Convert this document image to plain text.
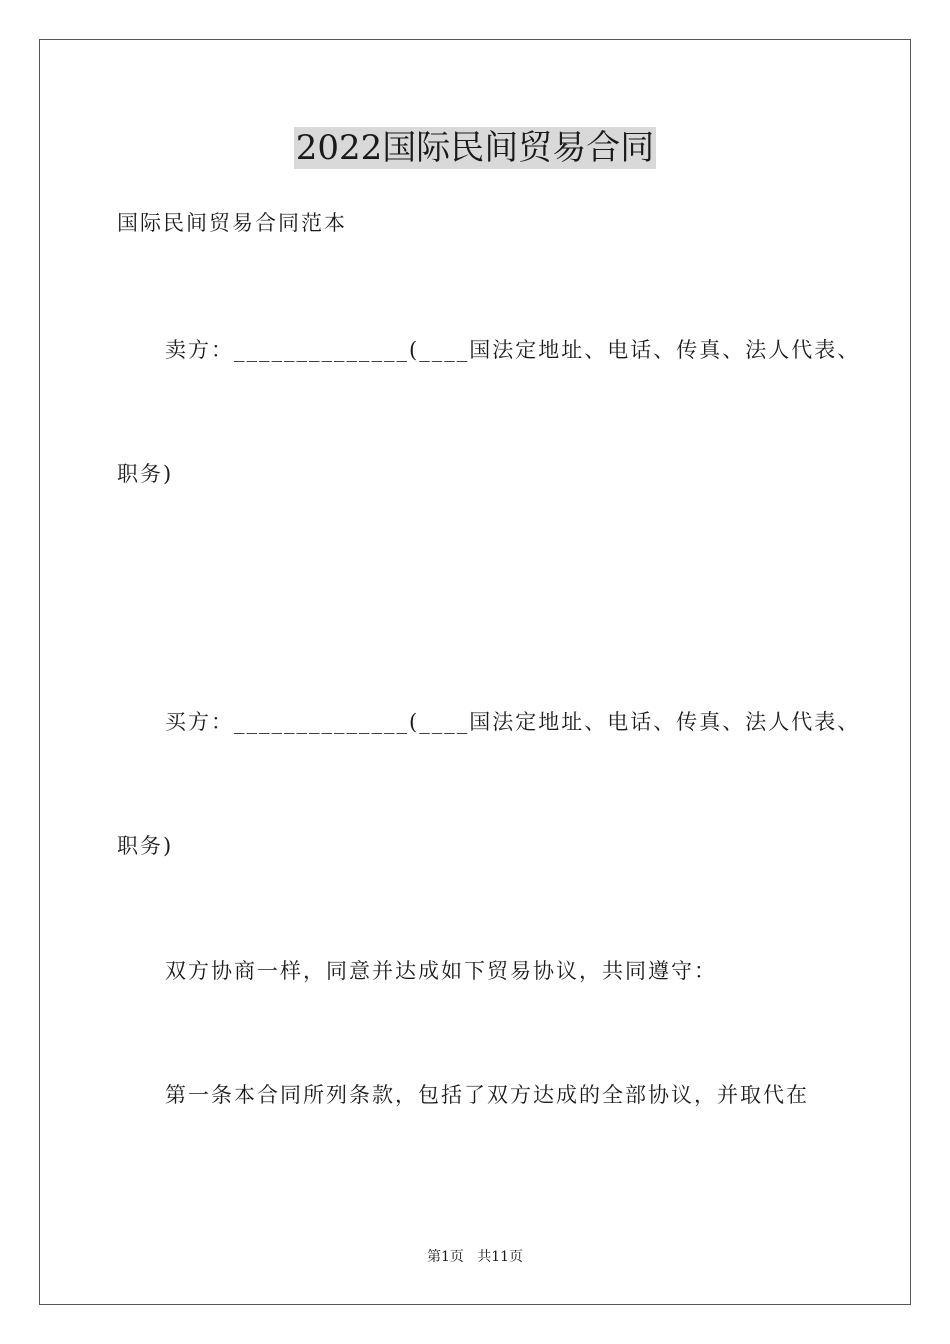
2022国际民间贸易合同
国际民间贸易合同范本
卖方：______________(____国法定地址、电话、传真、法人代表、
职务)
买方：______________(____国法定地址、电话、传真、法人代表、
职务)
双方协商一样，同意并达成如下贸易协议，共同遵守：
第一条本合同所列条款，包括了双方达成的全部协议，并取代在
第1页   共11页
